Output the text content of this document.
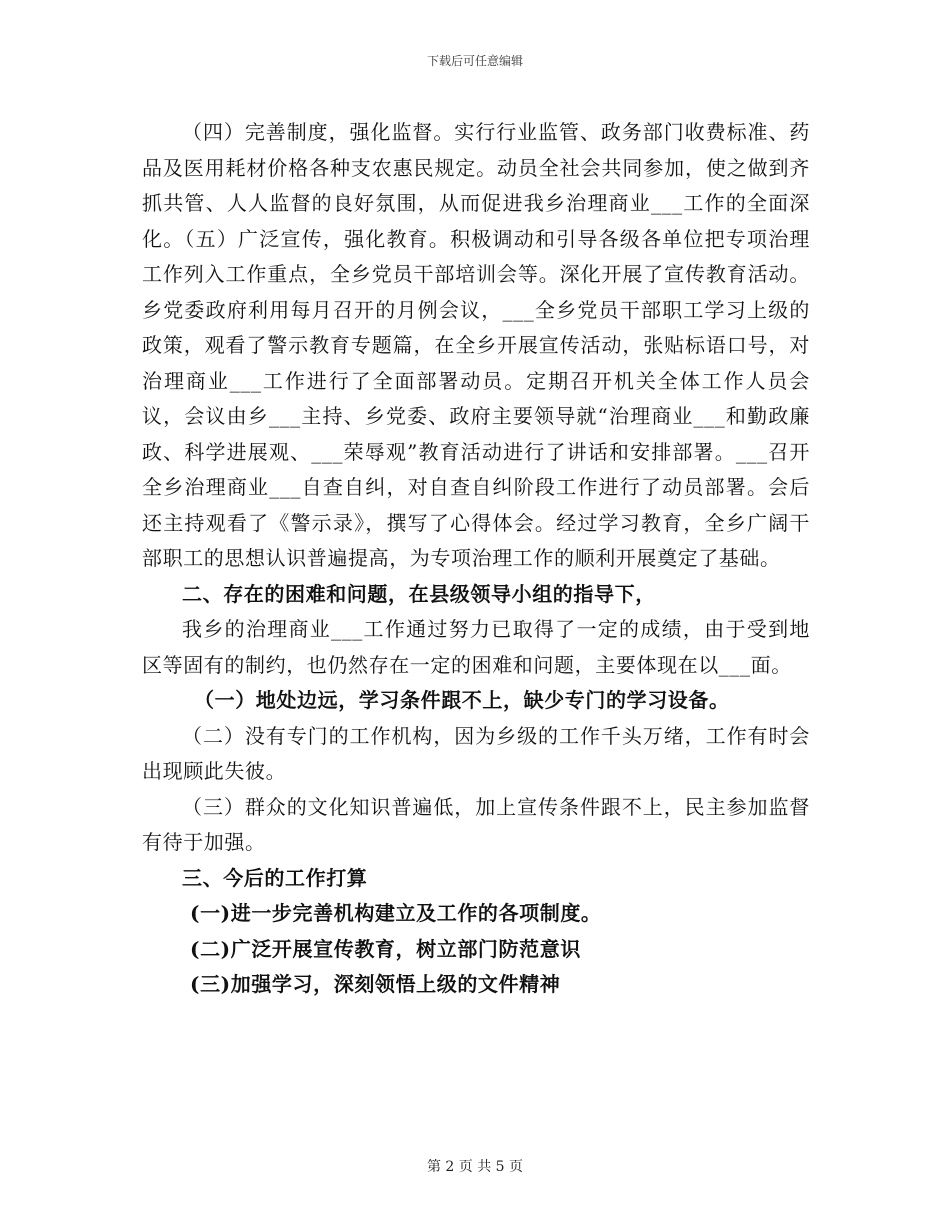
下载后可任意编辑

（四）完善制度，强化监督。实行行业监管、政务部门收费标准、药品及医用耗材价格各种支农惠民规定。动员全社会共同参加，使之做到齐抓共管、人人监督的良好氛围，从而促进我乡治理商业___工作的全面深化。（五）广泛宣传，强化教育。积极调动和引导各级各单位把专项治理工作列入工作重点，全乡党员干部培训会等。深化开展了宣传教育活动。乡党委政府利用每月召开的月例会议，___全乡党员干部职工学习上级的政策，观看了警示教育专题篇，在全乡开展宣传活动，张贴标语口号，对治理商业___工作进行了全面部署动员。定期召开机关全体工作人员会议，会议由乡___主持、乡党委、政府主要领导就“治理商业___和勤政廉政、科学进展观、___荣辱观”教育活动进行了讲话和安排部署。___召开全乡治理商业___自查自纠，对自查自纠阶段工作进行了动员部署。会后还主持观看了《警示录》，撰写了心得体会。经过学习教育，全乡广阔干部职工的思想认识普遍提高，为专项治理工作的顺利开展奠定了基础。

二、存在的困难和问题，在县级领导小组的指导下，

我乡的治理商业___工作通过努力已取得了一定的成绩，由于受到地区等固有的制约，也仍然存在一定的困难和问题，主要体现在以___面。

（一）地处边远，学习条件跟不上，缺少专门的学习设备。

（二）没有专门的工作机构，因为乡级的工作千头万绪，工作有时会出现顾此失彼。

（三）群众的文化知识普遍低，加上宣传条件跟不上，民主参加监督有待于加强。

三、今后的工作打算

(一)进一步完善机构建立及工作的各项制度。

(二)广泛开展宣传教育，树立部门防范意识

(三)加强学习，深刻领悟上级的文件精神

第 2 页 共 5 页
